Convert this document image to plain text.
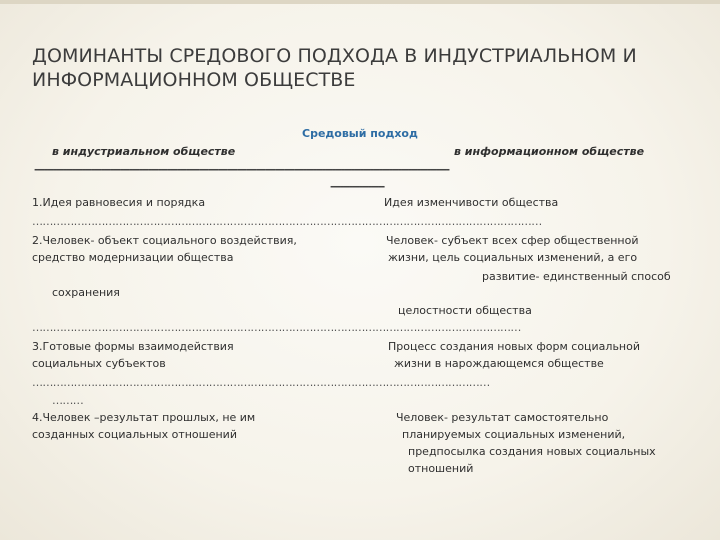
ДОМИНАНТЫ СРЕДОВОГО ПОДХОДА В ИНДУСТРИАЛЬНОМ И
ИНФОРМАЦИОННОМ ОБЩЕСТВЕ
Средовый подход
в индустриальном обществе	в информационном обществе
-----------------------------------------------------------------------------------------------------------------------------------
-----------------
1.Идея равновесия и порядка	Идея изменчивости общества
…………………………………………………………………………………………………………………………………
2.Человек- объект социального воздействия,	Человек- субъект всех сфер общественной
средство модернизации общества	жизни, цель социальных изменений, а его
развитие- единственный способ
сохранения
целостности общества
……………………………………………………………………………………………………………………………
3.Готовые формы взаимодействия	Процесс создания новых форм социальной
социальных субъектов	жизни в нарождающемся обществе
……………………………………………………………………………………………………………………
………
4.Человек –результат прошлых, не им	Человек- результат самостоятельно
созданных социальных отношений	планируемых социальных изменений,
предпосылка создания новых социальных
отношений
